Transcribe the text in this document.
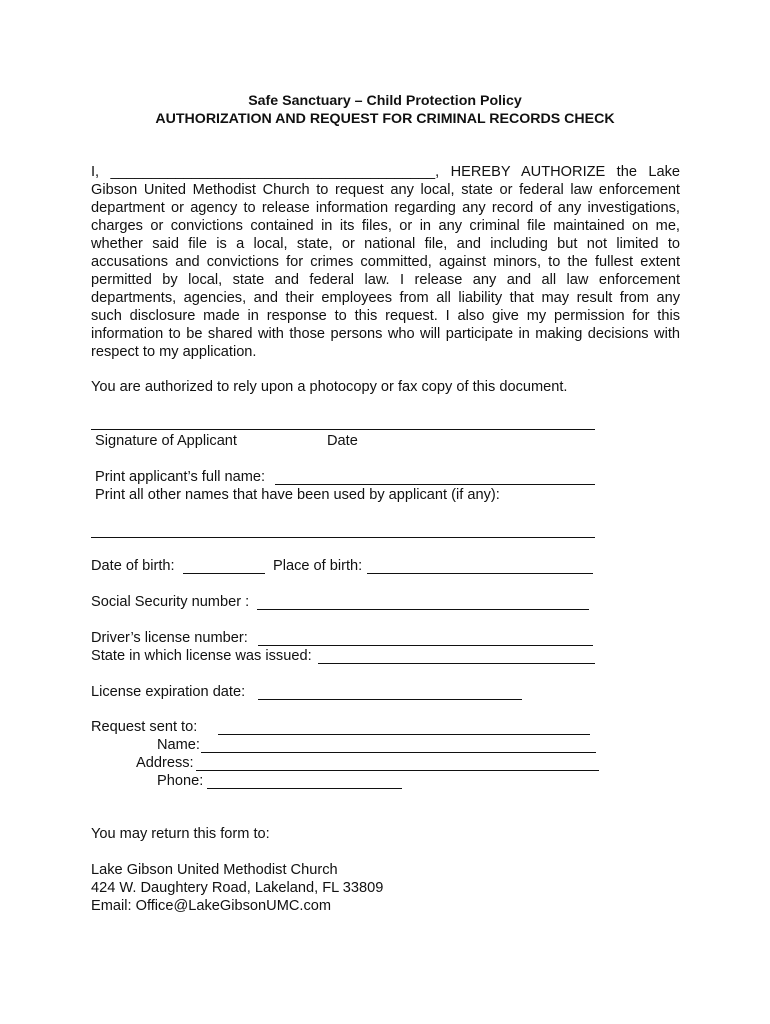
Safe Sanctuary – Child Protection Policy
AUTHORIZATION AND REQUEST FOR CRIMINAL RECORDS CHECK
I, ________________________________________, HEREBY AUTHORIZE the Lake
Gibson United Methodist Church to request any local, state or federal law enforcement
department or agency to release information regarding any record of any investigations,
charges or convictions contained in its files, or in any criminal file maintained on me,
whether said file is a local, state, or national file, and including but not limited to
accusations and convictions for crimes committed, against minors, to the fullest extent
permitted by local, state and federal law. I release any and all law enforcement
departments, agencies, and their employees from all liability that may result from any
such disclosure made in response to this request. I also give my permission for this
information to be shared with those persons who will participate in making decisions with
respect to my application.
You are authorized to rely upon a photocopy or fax copy of this document.
Signature of Applicant	Date
Print applicant’s full name:
Print all other names that have been used by applicant (if any):
Date of birth:	Place of birth:
Social Security number :
Driver’s license number:
State in which license was issued:
License expiration date:
Request sent to:
Name:
Address:
Phone:
You may return this form to:
Lake Gibson United Methodist Church
424 W. Daughtery Road, Lakeland, FL 33809
Email: Office@LakeGibsonUMC.com
